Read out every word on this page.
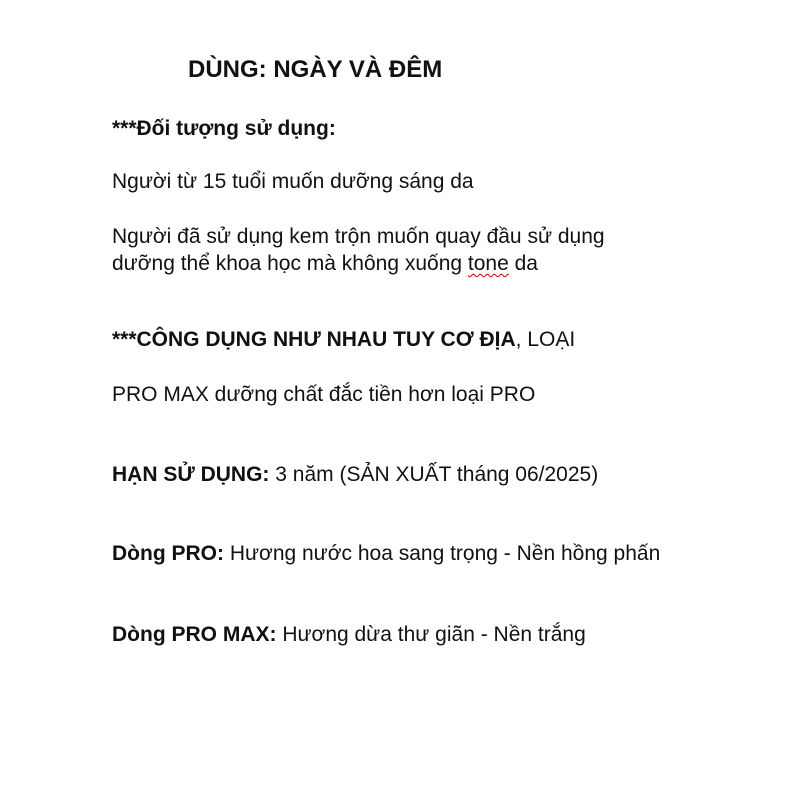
DÙNG: NGÀY VÀ ĐÊM
***Đối tượng sử dụng:
Người từ 15 tuổi muốn dưỡng sáng da
Người đã sử dụng kem trộn muốn quay đầu sử dụng
dưỡng thể khoa học mà không xuống tone da
***CÔNG DỤNG NHƯ NHAU TUY CƠ ĐỊA, LOẠI
PRO MAX dưỡng chất đắc tiền hơn loại PRO
HẠN SỬ DỤNG: 3 năm (SẢN XUẤT tháng 06/2025)
Dòng PRO: Hương nước hoa sang trọng - Nền hồng phấn
Dòng PRO MAX: Hương dừa thư giãn - Nền trắng
